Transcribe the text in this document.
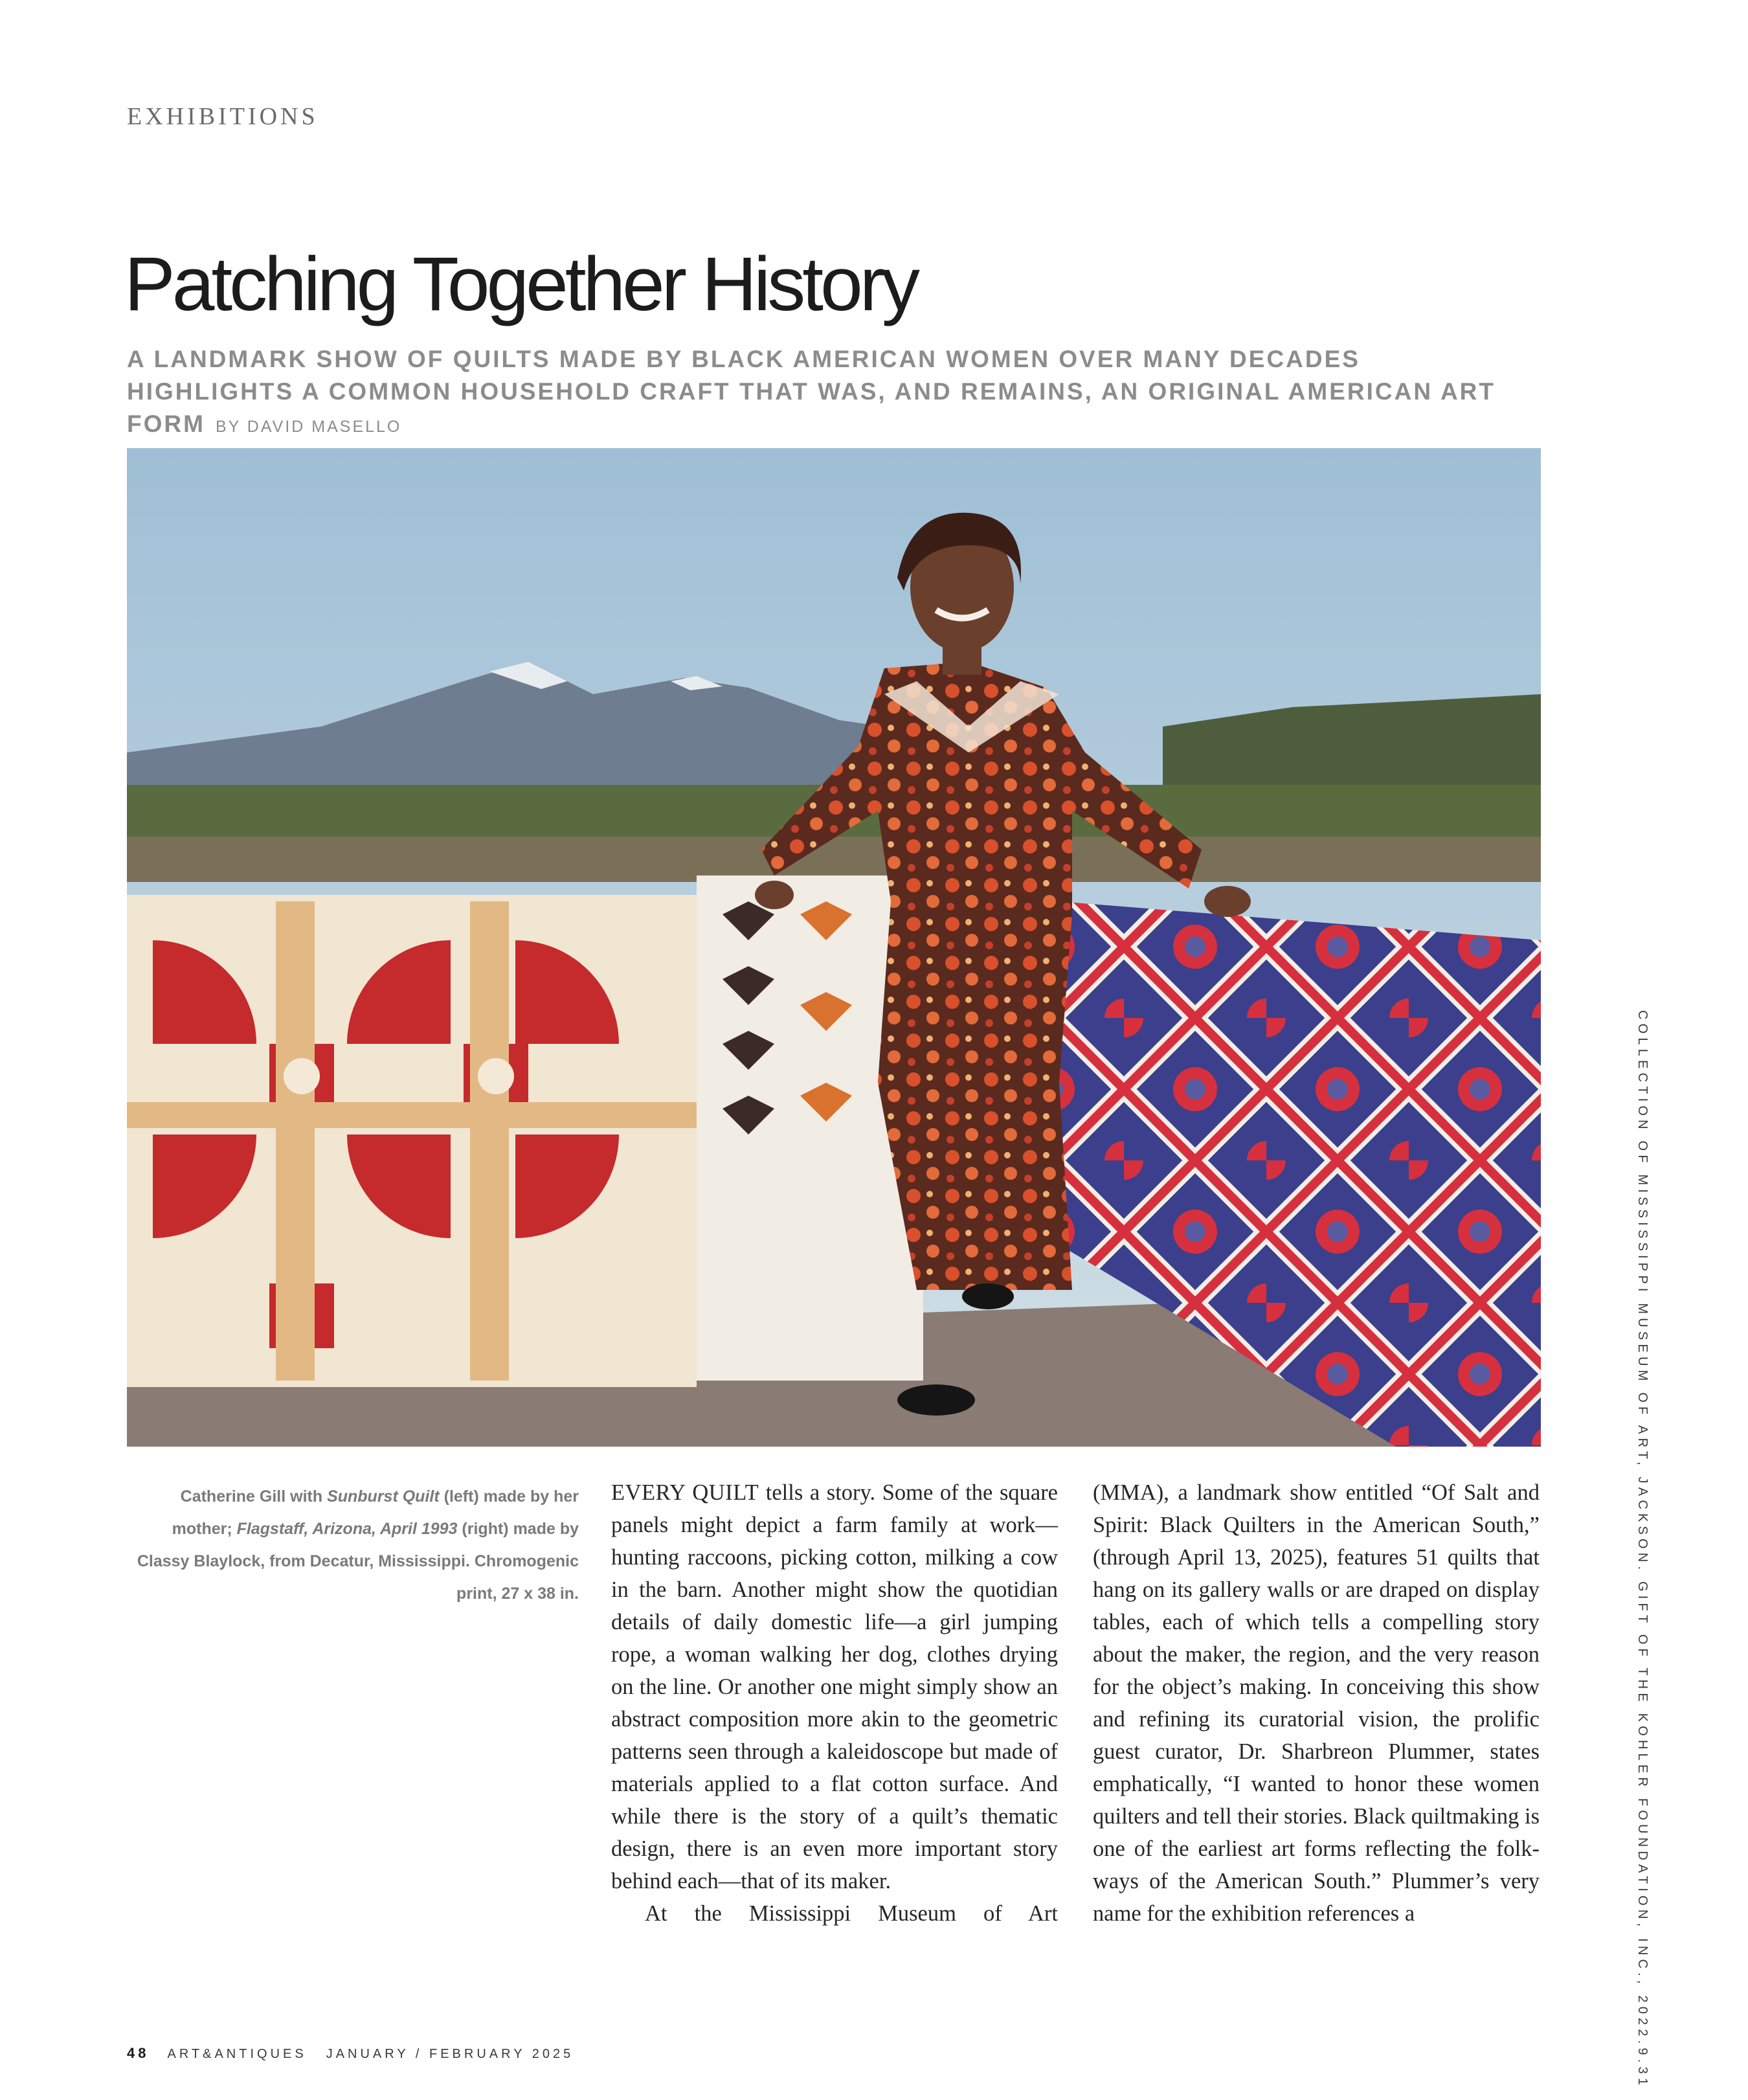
EXHIBITIONS
Patching Together History
A LANDMARK SHOW OF QUILTS MADE BY BLACK AMERICAN WOMEN OVER MANY DECADES HIGHLIGHTS A COMMON HOUSEHOLD CRAFT THAT WAS, AND REMAINS, AN ORIGINAL AMERICAN ART FORM BY DAVID MASELLO
COLLECTION OF MISSISSIPPI MUSEUM OF ART, JACKSON. GIFT OF THE KOHLER FOUNDATION, INC., 2022.9.31
Catherine Gill with Sunburst Quilt (left) made by her mother; Flagstaff, Arizona, April 1993 (right) made by Classy Blaylock, from Decatur, Mississippi. Chromogenic print, 27 x 38 in.

EVERY QUILT tells a story. Some of the square panels might depict a farm family at work—hunting raccoons, picking cotton, milking a cow in the barn. Another might show the quotidian details of daily domestic life—a girl jumping rope, a woman walking her dog, clothes drying on the line. Or another one might simply show an abstract composition more akin to the geometric patterns seen through a kaleidoscope but made of materials applied to a flat cotton surface. And while there is the story of a quilt’s thematic design, there is an even more important story behind each—that of its maker.

At the Mississippi Museum of Art

(MMA), a landmark show entitled “Of Salt and Spirit: Black Quilters in the American South,” (through April 13, 2025), features 51 quilts that hang on its gallery walls or are draped on display tables, each of which tells a compelling story about the maker, the region, and the very reason for the object’s making. In conceiving this show and refining its curatorial vision, the prolific guest curator, Dr. Sharbreon Plummer, states emphatically, “I wanted to honor these women quilters and tell their stories. Black quiltmaking is one of the earliest art forms reflecting the folkways of the American South.” Plummer’s very name for the exhibition references a

48 ART&ANTIQUES JANUARY / FEBRUARY 2025
